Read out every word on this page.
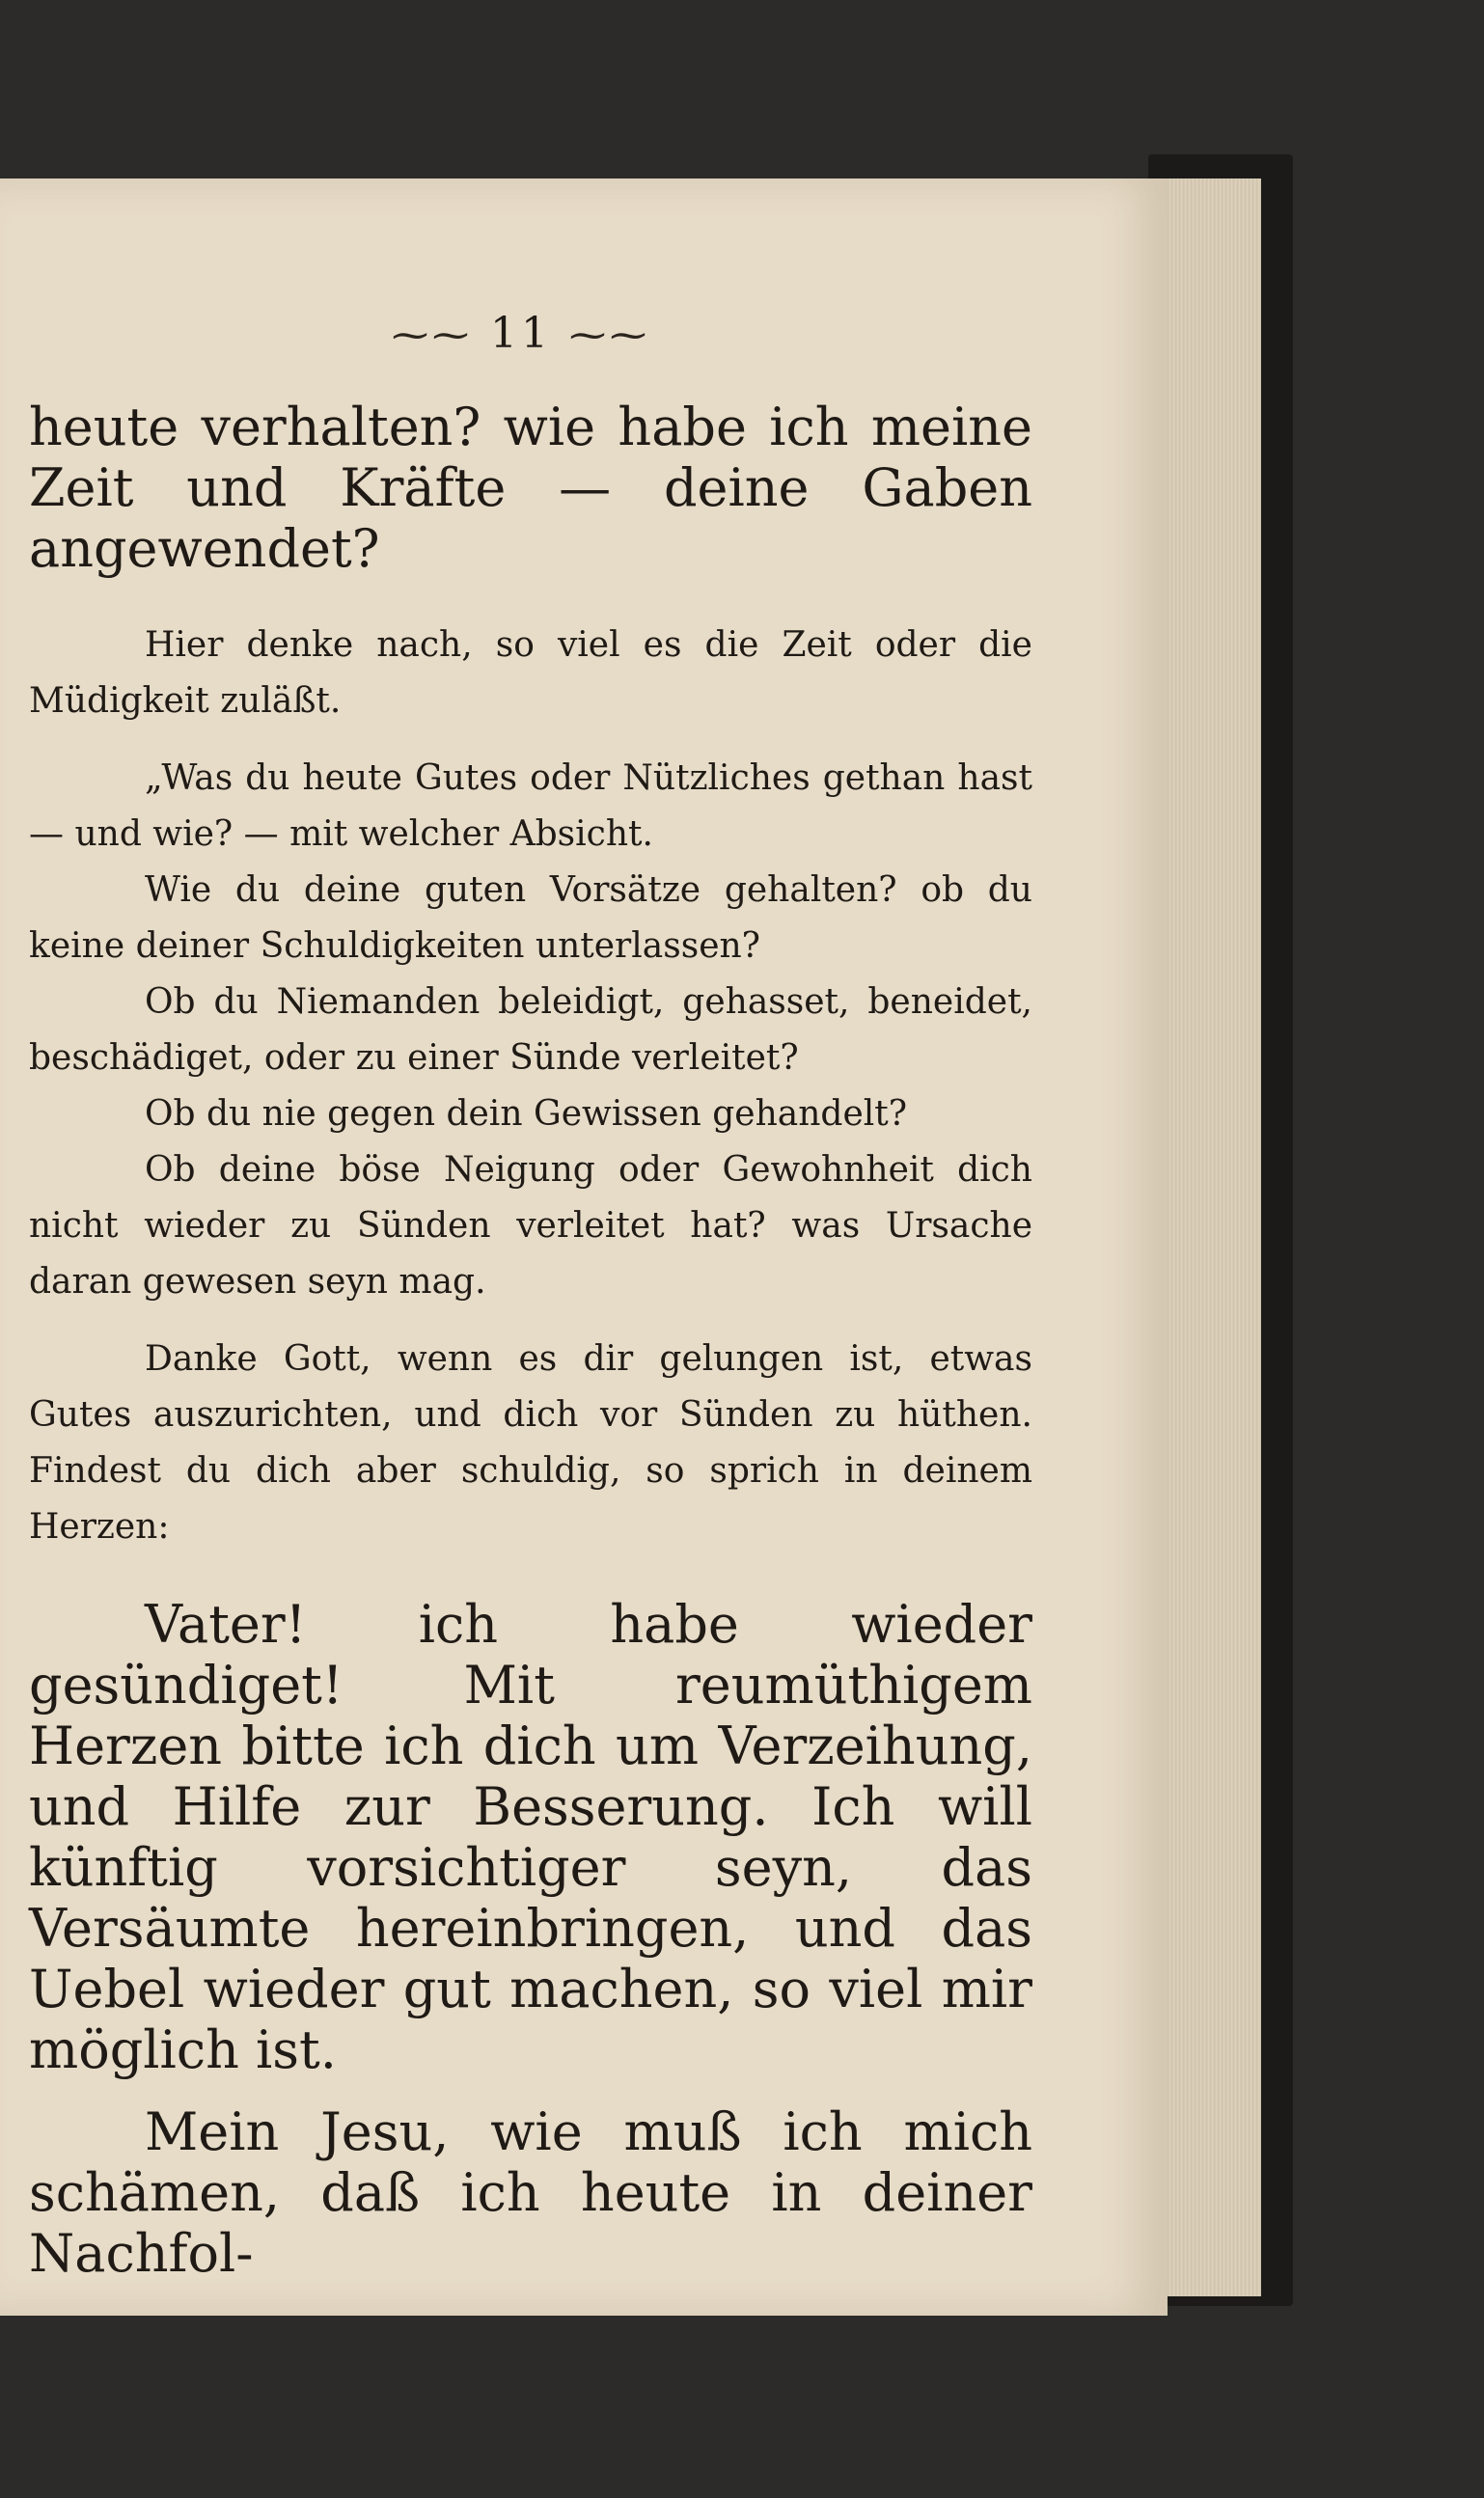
⁓⁓ 11 ⁓⁓

heute verhalten? wie habe ich meine Zeit und Kräfte — deine Gaben angewendet?

Hier denke nach, so viel es die Zeit oder die Müdigkeit zuläßt.

„Was du heute Gutes oder Nützliches gethan hast — und wie? — mit welcher Absicht.

Wie du deine guten Vorsätze gehalten? ob du keine deiner Schuldigkeiten unterlassen?

Ob du Niemanden beleidigt, gehasset, beneidet, beschädiget, oder zu einer Sünde verleitet?

Ob du nie gegen dein Gewissen gehandelt?

Ob deine böse Neigung oder Gewohnheit dich nicht wieder zu Sünden verleitet hat? was Ursache daran gewesen seyn mag.

Danke Gott, wenn es dir gelungen ist, etwas Gutes auszurichten, und dich vor Sünden zu hüthen. Findest du dich aber schuldig, so sprich in deinem Herzen:

Vater! ich habe wieder gesündiget! Mit reumüthigem Herzen bitte ich dich um Verzeihung, und Hilfe zur Besserung. Ich will künftig vorsichtiger seyn, das Versäumte hereinbringen, und das Uebel wieder gut machen, so viel mir möglich ist.

Mein Jesu, wie muß ich mich schämen, daß ich heute in deiner Nachfol-
